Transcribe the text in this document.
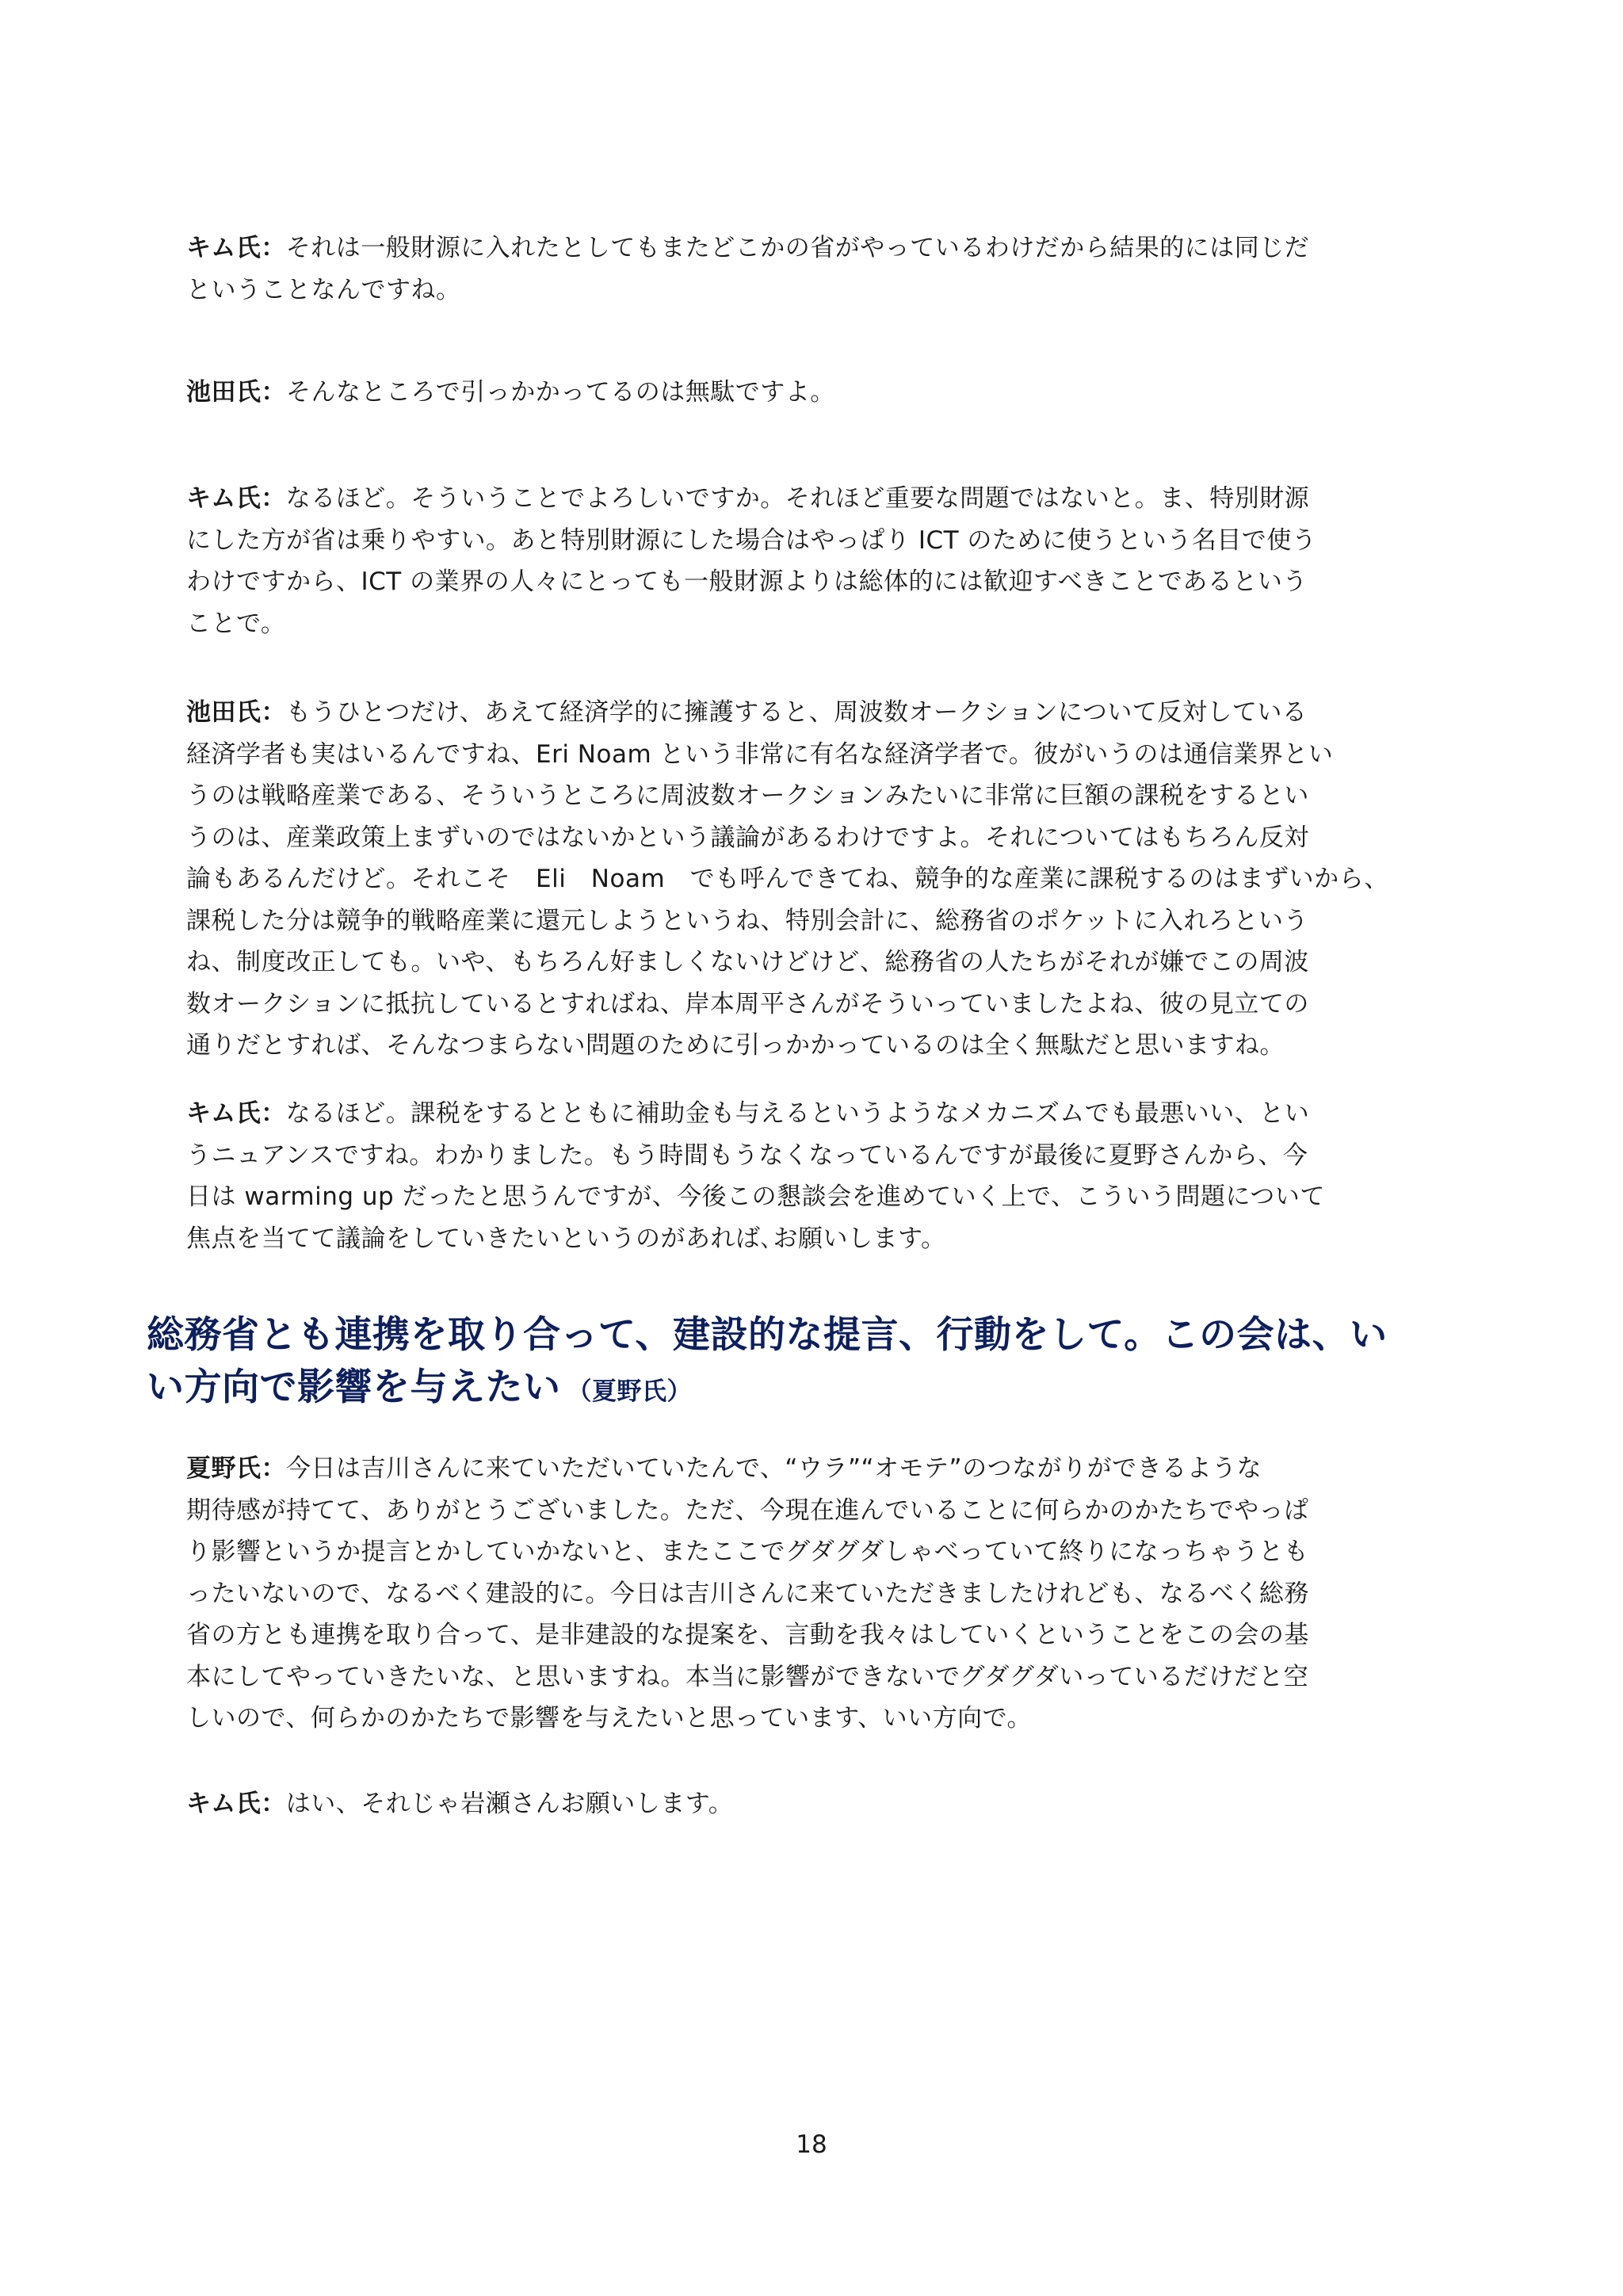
キム氏：それは一般財源に入れたとしてもまたどこかの省がやっているわけだから結果的には同じだ
ということなんですね。
池田氏：そんなところで引っかかってるのは無駄ですよ。
キム氏：なるほど。そういうことでよろしいですか。それほど重要な問題ではないと。ま、特別財源
にした方が省は乗りやすい。あと特別財源にした場合はやっぱり ICT のために使うという名目で使う
わけですから、ICT の業界の人々にとっても一般財源よりは総体的には歓迎すべきことであるという
ことで。
池田氏：もうひとつだけ、あえて経済学的に擁護すると、周波数オークションについて反対している
経済学者も実はいるんですね、Eri Noam という非常に有名な経済学者で。彼がいうのは通信業界とい
うのは戦略産業である、そういうところに周波数オークションみたいに非常に巨額の課税をするとい
うのは、産業政策上まずいのではないかという議論があるわけですよ。それについてはもちろん反対
論もあるんだけど。それこそ　Eli　Noam　でも呼んできてね、競争的な産業に課税するのはまずいから、
課税した分は競争的戦略産業に還元しようというね、特別会計に、総務省のポケットに入れろという
ね、制度改正しても。いや、もちろん好ましくないけどけど、総務省の人たちがそれが嫌でこの周波
数オークションに抵抗しているとすればね、岸本周平さんがそういっていましたよね、彼の見立ての
通りだとすれば、そんなつまらない問題のために引っかかっているのは全く無駄だと思いますね。
キム氏：なるほど。課税をするとともに補助金も与えるというようなメカニズムでも最悪いい、とい
うニュアンスですね。わかりました。もう時間もうなくなっているんですが最後に夏野さんから、今
日は warming up だったと思うんですが、今後この懇談会を進めていく上で、こういう問題について
焦点を当てて議論をしていきたいというのがあれば､お願いします。
総務省とも連携を取り合って、建設的な提言、行動をして。この会は、い
い方向で影響を与えたい （夏野氏）
夏野氏：今日は吉川さんに来ていただいていたんで、“ウラ”“オモテ”のつながりができるような
期待感が持てて、ありがとうございました。ただ、今現在進んでいることに何らかのかたちでやっぱ
り影響というか提言とかしていかないと、またここでグダグダしゃべっていて終りになっちゃうとも
ったいないので、なるべく建設的に。今日は吉川さんに来ていただきましたけれども、なるべく総務
省の方とも連携を取り合って、是非建設的な提案を、言動を我々はしていくということをこの会の基
本にしてやっていきたいな、と思いますね。本当に影響ができないでグダグダいっているだけだと空
しいので、何らかのかたちで影響を与えたいと思っています、いい方向で。
キム氏：はい、それじゃ岩瀬さんお願いします。
18
